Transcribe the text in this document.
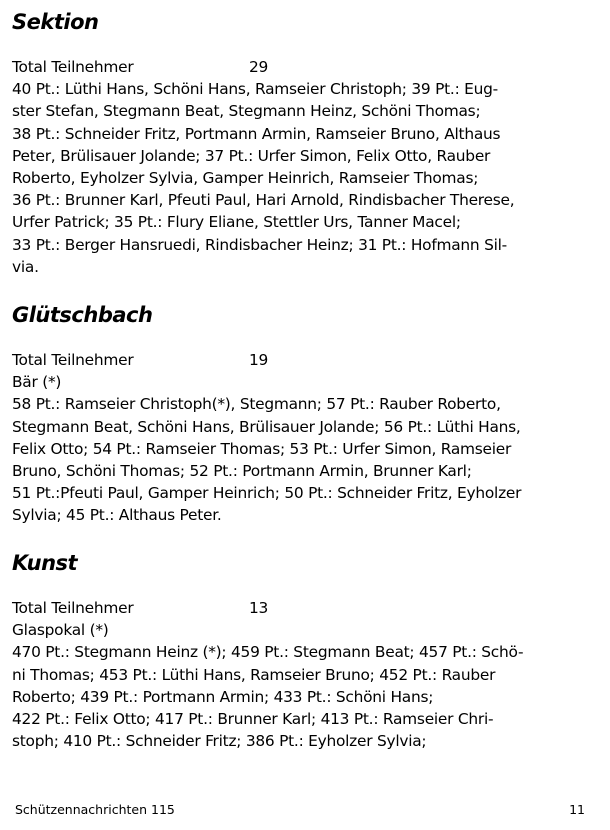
Sektion
Total Teilnehmer	29
40 Pt.: Lüthi Hans, Schöni Hans, Ramseier Christoph; 39 Pt.: Eug-
ster Stefan, Stegmann Beat, Stegmann Heinz, Schöni Thomas;
38 Pt.: Schneider Fritz, Portmann Armin, Ramseier Bruno, Althaus
Peter, Brülisauer Jolande; 37 Pt.: Urfer Simon, Felix Otto, Rauber
Roberto, Eyholzer Sylvia, Gamper Heinrich, Ramseier Thomas;
36 Pt.: Brunner Karl, Pfeuti Paul, Hari Arnold, Rindisbacher Therese,
Urfer Patrick; 35 Pt.: Flury Eliane, Stettler Urs, Tanner Macel;
33 Pt.: Berger Hansruedi, Rindisbacher Heinz; 31 Pt.: Hofmann Sil-
via.
Glütschbach
Total Teilnehmer	19
Bär (*)
58 Pt.: Ramseier Christoph(*), Stegmann; 57 Pt.: Rauber Roberto,
Stegmann Beat, Schöni Hans, Brülisauer Jolande; 56 Pt.: Lüthi Hans,
Felix Otto; 54 Pt.: Ramseier Thomas; 53 Pt.: Urfer Simon, Ramseier
Bruno, Schöni Thomas; 52 Pt.: Portmann Armin, Brunner Karl;
51 Pt.:Pfeuti Paul, Gamper Heinrich; 50 Pt.: Schneider Fritz, Eyholzer
Sylvia; 45 Pt.: Althaus Peter.
Kunst
Total Teilnehmer	13
Glaspokal (*)
470 Pt.: Stegmann Heinz (*); 459 Pt.: Stegmann Beat; 457 Pt.: Schö-
ni Thomas; 453 Pt.: Lüthi Hans, Ramseier Bruno; 452 Pt.: Rauber
Roberto; 439 Pt.: Portmann Armin; 433 Pt.: Schöni Hans;
422 Pt.: Felix Otto; 417 Pt.: Brunner Karl; 413 Pt.: Ramseier Chri-
stoph; 410 Pt.: Schneider Fritz; 386 Pt.: Eyholzer Sylvia;
Schützennachrichten 115	11
